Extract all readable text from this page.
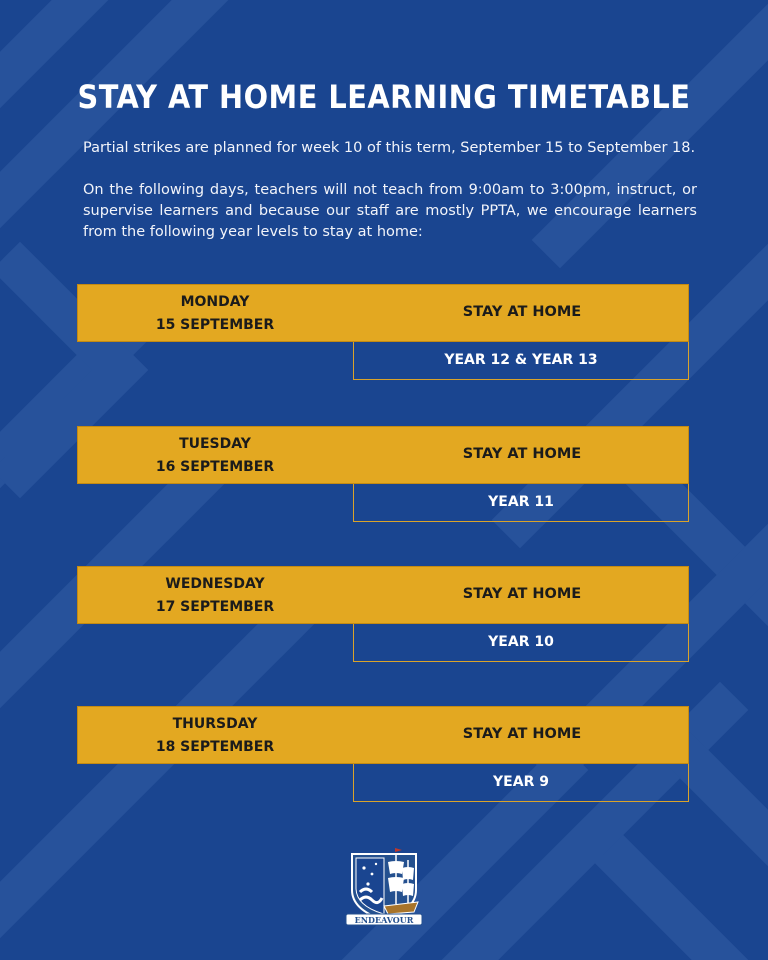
STAY AT HOME LEARNING TIMETABLE

Partial strikes are planned for week 10 of this term, September 15 to September 18.

On the following days, teachers will not teach from 9:00am to 3:00pm, instruct, or supervise learners and because our staff are mostly PPTA, we encourage learners from the following year levels to stay at home:

MONDAY
15 SEPTEMBER
STAY AT HOME
YEAR 12 & YEAR 13
TUESDAY
16 SEPTEMBER
STAY AT HOME
YEAR 11
WEDNESDAY
17 SEPTEMBER
STAY AT HOME
YEAR 10
THURSDAY
18 SEPTEMBER
STAY AT HOME
YEAR 9
ENDEAVOUR
